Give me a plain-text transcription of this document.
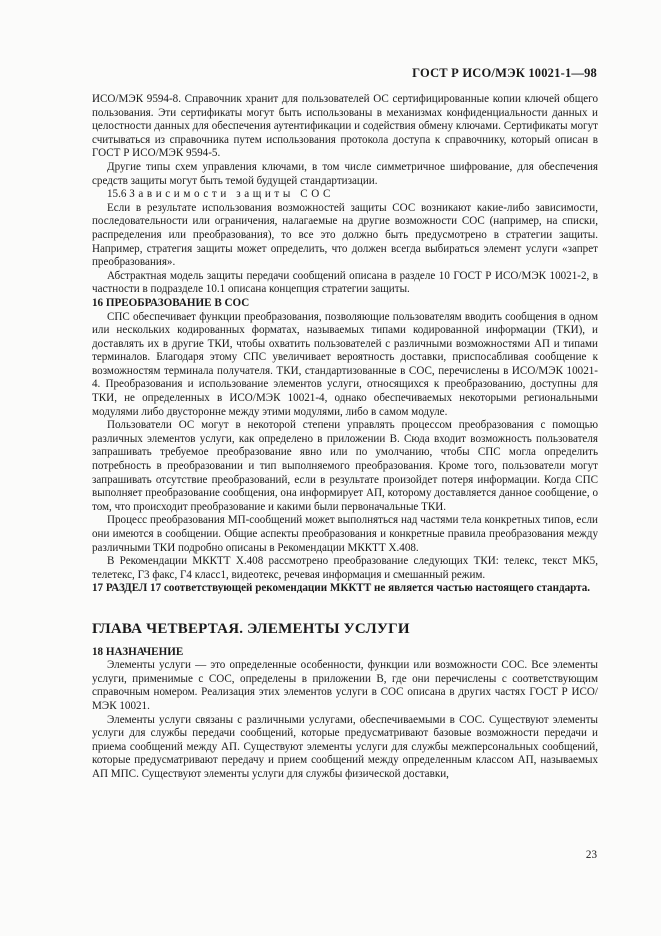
ГОСТ Р ИСО/МЭК 10021-1—98

ИСО/МЭК 9594-8. Справочник хранит для пользователей ОС сертифицированные копии ключей общего пользования. Эти сертификаты могут быть использованы в механизмах конфиденциальности данных и целостности данных для обеспечения аутентификации и содействия обмену ключами. Сертификаты могут считываться из справочника путем использования протокола доступа к справочнику, который описан в ГОСТ Р ИСО/МЭК 9594-5.

Другие типы схем управления ключами, в том числе симметричное шифрование, для обеспечения средств защиты могут быть темой будущей стандартизации.

15.6 Зависимости защиты СОС

Если в результате использования возможностей защиты СОС возникают какие-либо зависимости, последовательности или ограничения, налагаемые на другие возможности СОС (например, на списки, распределения или преобразования), то все это должно быть предусмотрено в стратегии защиты. Например, стратегия защиты может определить, что должен всегда выбираться элемент услуги «запрет преобразования».

Абстрактная модель защиты передачи сообщений описана в разделе 10 ГОСТ Р ИСО/МЭК 10021-2, в частности в подразделе 10.1 описана концепция стратегии защиты.

16 ПРЕОБРАЗОВАНИЕ В СОС

СПС обеспечивает функции преобразования, позволяющие пользователям вводить сообщения в одном или нескольких кодированных форматах, называемых типами кодированной информации (ТКИ), и доставлять их в другие ТКИ, чтобы охватить пользователей с различными возможностями АП и типами терминалов. Благодаря этому СПС увеличивает вероятность доставки, приспосабливая сообщение к возможностям терминала получателя. ТКИ, стандартизованные в СОС, перечислены в ИСО/МЭК 10021-4. Преобразования и использование элементов услуги, относящихся к преобразованию, доступны для ТКИ, не определенных в ИСО/МЭК 10021-4, однако обеспечиваемых некоторыми региональными модулями либо двусторонне между этими модулями, либо в самом модуле.

Пользователи ОС могут в некоторой степени управлять процессом преобразования с помощью различных элементов услуги, как определено в приложении В. Сюда входит возможность пользователя запрашивать требуемое преобразование явно или по умолчанию, чтобы СПС могла определить потребность в преобразовании и тип выполняемого преобразования. Кроме того, пользователи могут запрашивать отсутствие преобразований, если в результате произойдет потеря информации. Когда СПС выполняет преобразование сообщения, она информирует АП, которому доставляется данное сообщение, о том, что происходит преобразование и какими были первоначальные ТКИ.

Процесс преобразования МП-сообщений может выполняться над частями тела конкретных типов, если они имеются в сообщении. Общие аспекты преобразования и конкретные правила преобразования между различными ТКИ подробно описаны в Рекомендации МККТТ Х.408.

В Рекомендации МККТТ Х.408 рассмотрено преобразование следующих ТКИ: телекс, текст МК5, телетекс, Г3 факс, Г4 класс1, видеотекс, речевая информация и смешанный режим.

17 РАЗДЕЛ 17 соответствующей рекомендации МККТТ не является частью настоящего стандарта.

ГЛАВА ЧЕТВЕРТАЯ. ЭЛЕМЕНТЫ УСЛУГИ

18 НАЗНАЧЕНИЕ

Элементы услуги — это определенные особенности, функции или возможности СОС. Все элементы услуги, применимые с СОС, определены в приложении В, где они перечислены с соответствующим справочным номером. Реализация этих элементов услуги в СОС описана в других частях ГОСТ Р ИСО/МЭК 10021.

Элементы услуги связаны с различными услугами, обеспечиваемыми в СОС. Существуют элементы услуги для службы передачи сообщений, которые предусматривают базовые возможности передачи и приема сообщений между АП. Существуют элементы услуги для службы межперсональных сообщений, которые предусматривают передачу и прием сообщений между определенным классом АП, называемых АП МПС. Существуют элементы услуги для службы физической доставки,

23
